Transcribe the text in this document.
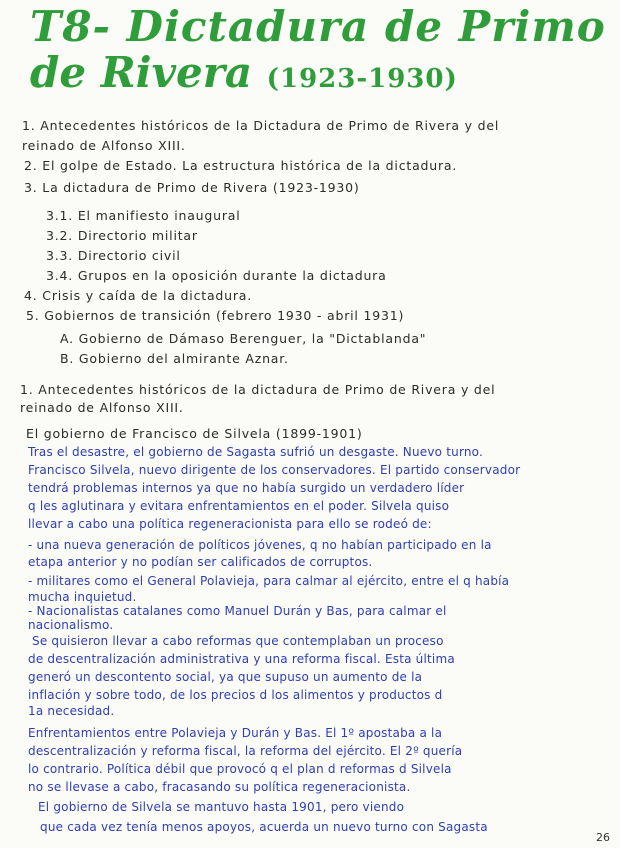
T8- Dictadura de Primo
de Rivera (1923-1930)
1. Antecedentes históricos de la Dictadura de Primo de Rivera y del
reinado de Alfonso XIII.
2. El golpe de Estado. La estructura histórica de la dictadura.
3. La dictadura de Primo de Rivera (1923-1930)
3.1. El manifiesto inaugural
3.2. Directorio militar
3.3. Directorio civil
3.4. Grupos en la oposición durante la dictadura
4. Crisis y caída de la dictadura.
5. Gobiernos de transición (febrero 1930 - abril 1931)
A. Gobierno de Dámaso Berenguer, la "Dictablanda"
B. Gobierno del almirante Aznar.
1. Antecedentes históricos de la dictadura de Primo de Rivera y del
reinado de Alfonso XIII.
El gobierno de Francisco de Silvela (1899-1901)
Tras el desastre, el gobierno de Sagasta sufrió un desgaste. Nuevo turno.
Francisco Silvela, nuevo dirigente de los conservadores. El partido conservador
tendrá problemas internos ya que no había surgido un verdadero líder
q les aglutinara y evitara enfrentamientos en el poder. Silvela quiso
llevar a cabo una política regeneracionista para ello se rodeó de:
- una nueva generación de políticos jóvenes, q no habían participado en la
etapa anterior y no podían ser calificados de corruptos.
- militares como el General Polavieja, para calmar al ejército, entre el q había
mucha inquietud.
- Nacionalistas catalanes como Manuel Durán y Bas, para calmar el
nacionalismo.
Se quisieron llevar a cabo reformas que contemplaban un proceso
de descentralización administrativa y una reforma fiscal. Esta última
generó un descontento social, ya que supuso un aumento de la
inflación y sobre todo, de los precios d los alimentos y productos d
1a necesidad.
Enfrentamientos entre Polavieja y Durán y Bas. El 1º apostaba a la
descentralización y reforma fiscal, la reforma del ejército. El 2º quería
lo contrario. Política débil que provocó q el plan d reformas d Silvela
no se llevase a cabo, fracasando su política regeneracionista.
El gobierno de Silvela se mantuvo hasta 1901, pero viendo
que cada vez tenía menos apoyos, acuerda un nuevo turno con Sagasta
26
